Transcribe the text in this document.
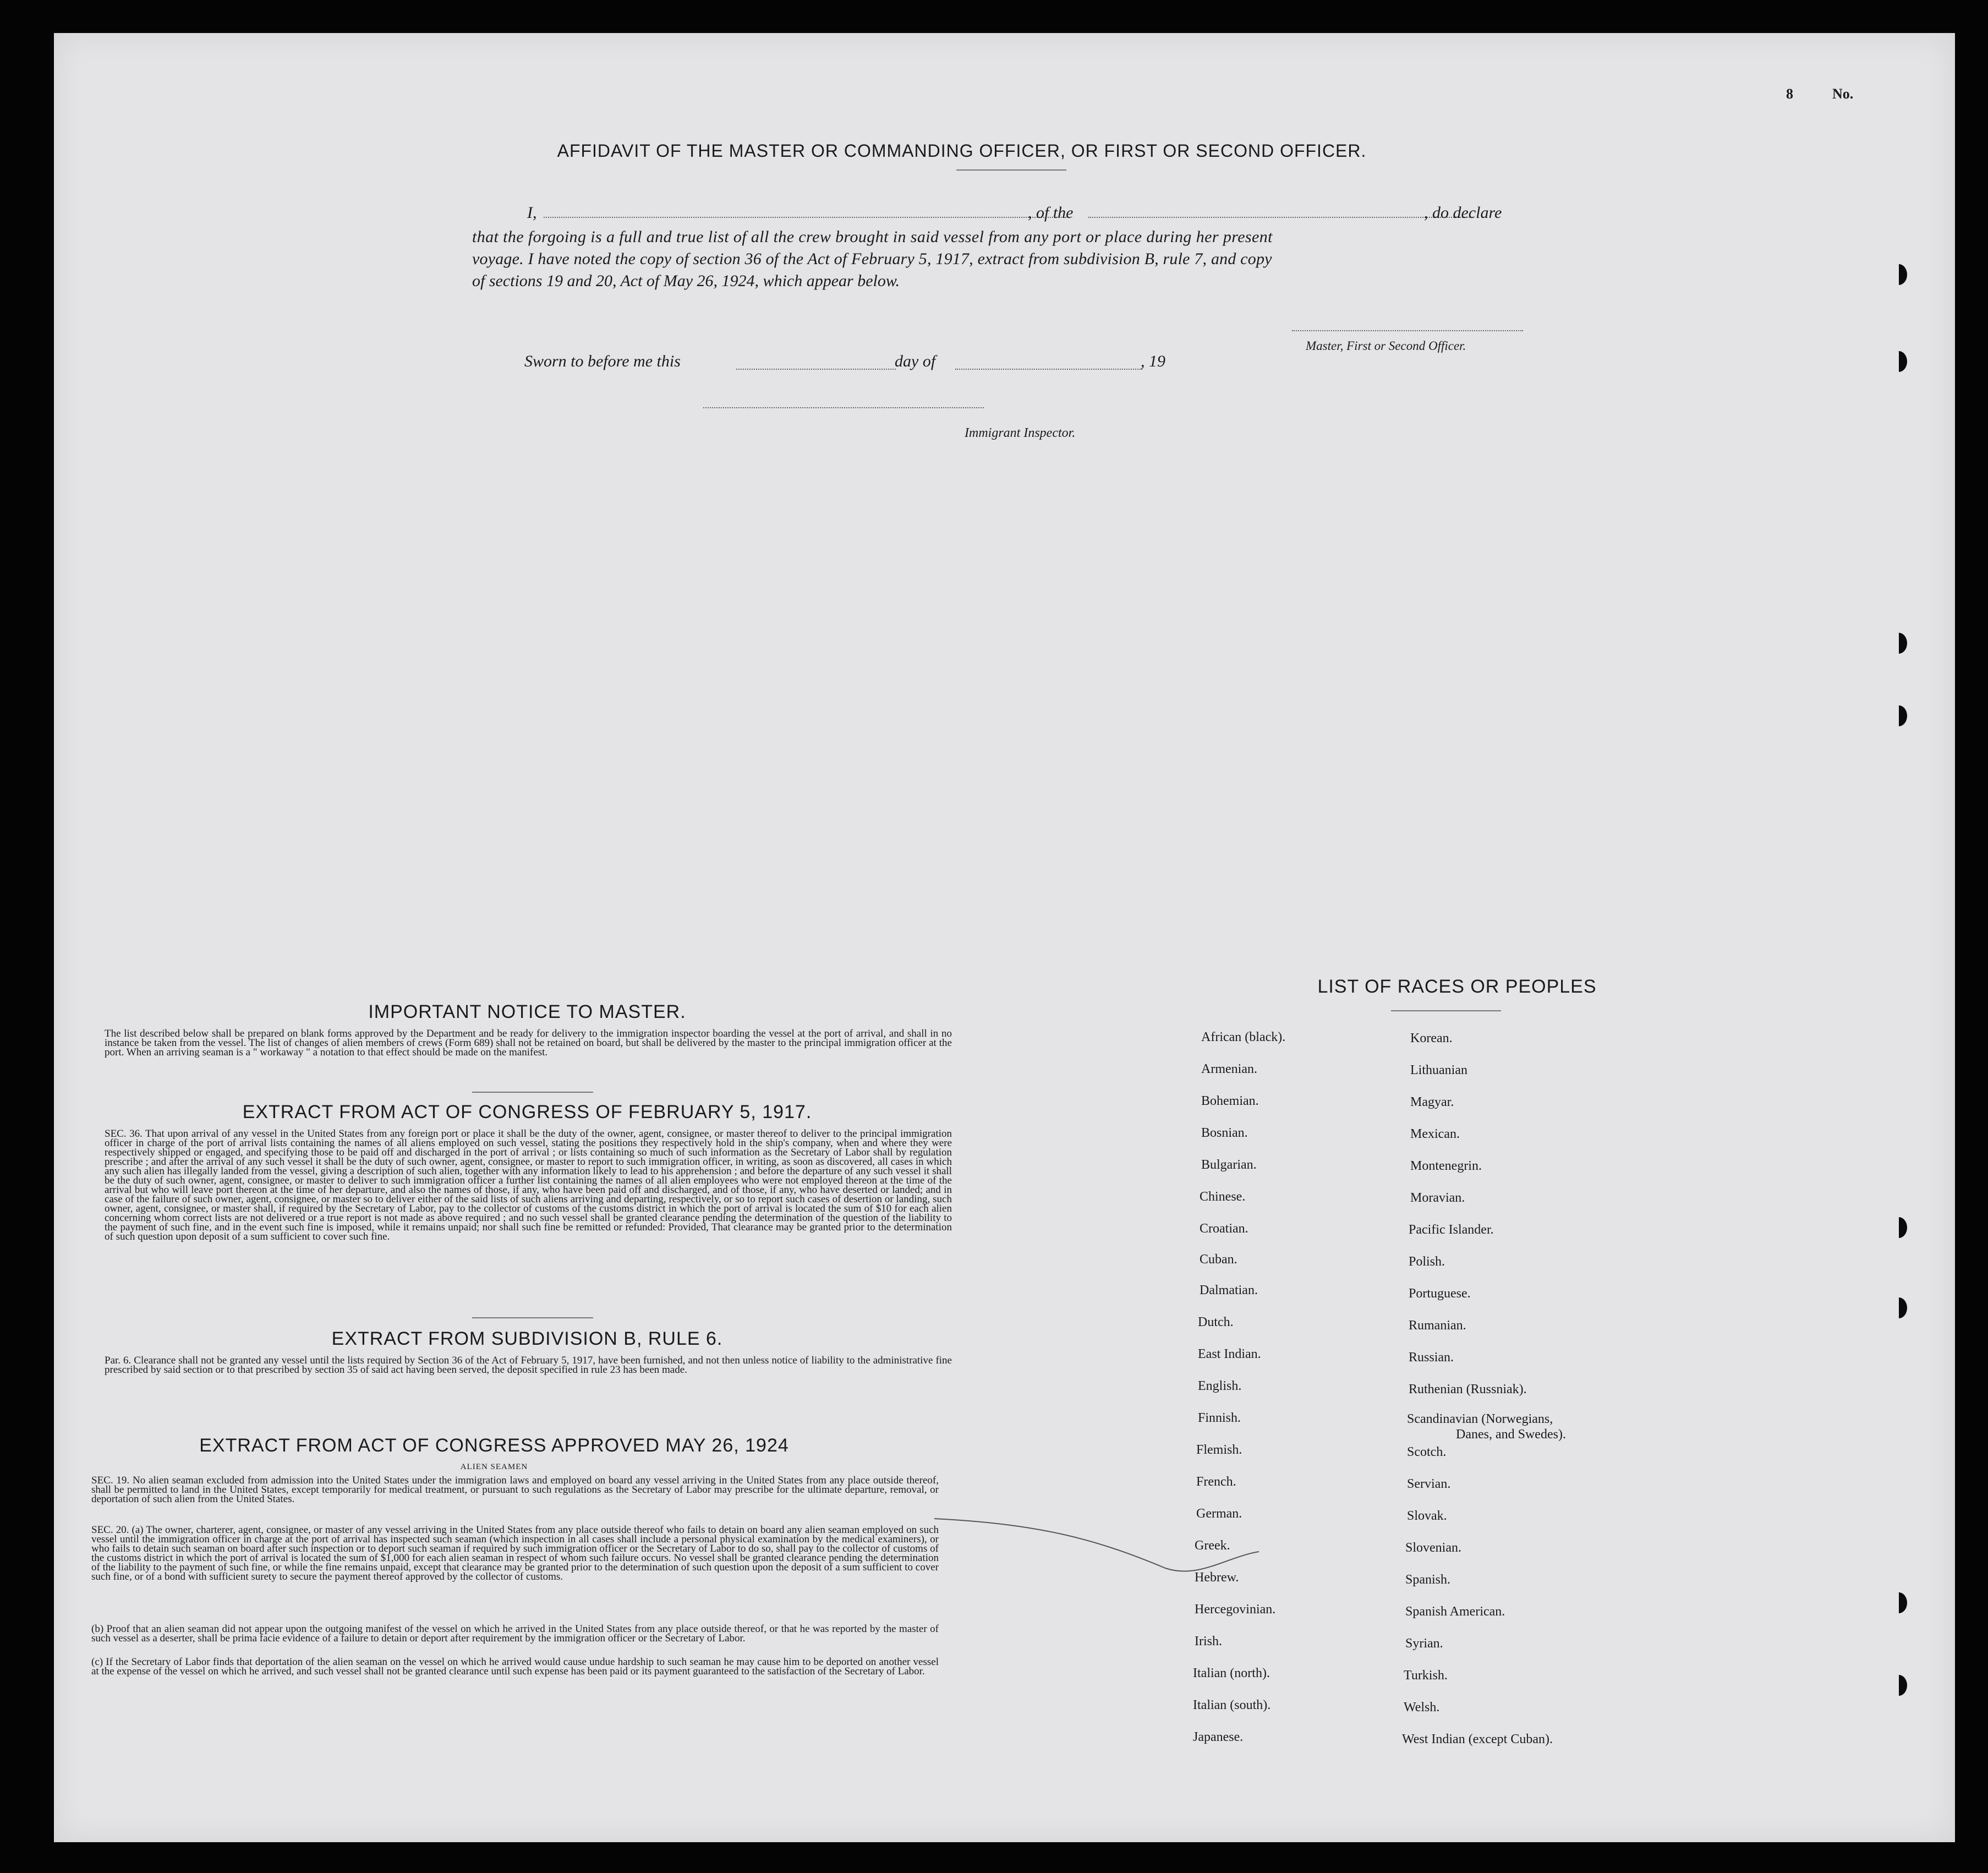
8	No.
AFFIDAVIT OF THE MASTER OR COMMANDING OFFICER, OR FIRST OR SECOND OFFICER.
I,	, of the	, do declare
that the forgoing is a full and true list of all the crew brought in said vessel from any port or place during her present
voyage. I have noted the copy of section 36 of the Act of February 5, 1917, extract from subdivision B, rule 7, and copy
of sections 19 and 20, Act of May 26, 1924, which appear below.
Master, First or Second Officer.
Sworn to before me this	day of	, 19
Immigrant Inspector.
IMPORTANT NOTICE TO MASTER.
The list described below shall be prepared on blank forms approved by the Department and be ready for delivery to the immigration inspector boarding the vessel at the port of arrival, and shall in no instance be taken from the vessel. The list of changes of alien members of crews (Form 689) shall not be retained on board, but shall be delivered by the master to the principal immigration officer at the port. When an arriving seaman is a " workaway " a notation to that effect should be made on the manifest.
EXTRACT FROM ACT OF CONGRESS OF FEBRUARY 5, 1917.
SEC. 36. That upon arrival of any vessel in the United States from any foreign port or place it shall be the duty of the owner, agent, consignee, or master thereof to deliver to the principal immigration officer in charge of the port of arrival lists containing the names of all aliens employed on such vessel, stating the positions they respectively hold in the ship's company, when and where they were respectively shipped or engaged, and specifying those to be paid off and discharged in the port of arrival ; or lists containing so much of such information as the Secretary of Labor shall by regulation prescribe ; and after the arrival of any such vessel it shall be the duty of such owner, agent, consignee, or master to report to such immigration officer, in writing, as soon as discovered, all cases in which any such alien has illegally landed from the vessel, giving a description of such alien, together with any information likely to lead to his apprehension ; and before the departure of any such vessel it shall be the duty of such owner, agent, consignee, or master to deliver to such immigration officer a further list containing the names of all alien employees who were not employed thereon at the time of the arrival but who will leave port thereon at the time of her departure, and also the names of those, if any, who have been paid off and discharged, and of those, if any, who have deserted or landed; and in case of the failure of such owner, agent, consignee, or master so to deliver either of the said lists of such aliens arriving and departing, respectively, or so to report such cases of desertion or landing, such owner, agent, consignee, or master shall, if required by the Secretary of Labor, pay to the collector of customs of the customs district in which the port of arrival is located the sum of $10 for each alien concerning whom correct lists are not delivered or a true report is not made as above required ; and no such vessel shall be granted clearance pending the determination of the question of the liability to the payment of such fine, and in the event such fine is imposed, while it remains unpaid; nor shall such fine be remitted or refunded: Provided, That clearance may be granted prior to the determination of such question upon deposit of a sum sufficient to cover such fine.
EXTRACT FROM SUBDIVISION B, RULE 6.
Par. 6. Clearance shall not be granted any vessel until the lists required by Section 36 of the Act of February 5, 1917, have been furnished, and not then unless notice of liability to the administrative fine prescribed by said section or to that prescribed by section 35 of said act having been served, the deposit specified in rule 23 has been made.
EXTRACT FROM ACT OF CONGRESS APPROVED MAY 26, 1924
ALIEN SEAMEN
SEC. 19. No alien seaman excluded from admission into the United States under the immigration laws and employed on board any vessel arriving in the United States from any place outside thereof, shall be permitted to land in the United States, except temporarily for medical treatment, or pursuant to such regulations as the Secretary of Labor may prescribe for the ultimate departure, removal, or deportation of such alien from the United States.
SEC. 20. (a) The owner, charterer, agent, consignee, or master of any vessel arriving in the United States from any place outside thereof who fails to detain on board any alien seaman employed on such vessel until the immigration officer in charge at the port of arrival has inspected such seaman (which inspection in all cases shall include a personal physical examination by the medical examiners), or who fails to detain such seaman on board after such inspection or to deport such seaman if required by such immigration officer or the Secretary of Labor to do so, shall pay to the collector of customs of the customs district in which the port of arrival is located the sum of $1,000 for each alien seaman in respect of whom such failure occurs. No vessel shall be granted clearance pending the determination of the liability to the payment of such fine, or while the fine remains unpaid, except that clearance may be granted prior to the determination of such question upon the deposit of a sum sufficient to cover such fine, or of a bond with sufficient surety to secure the payment thereof approved by the collector of customs.
(b) Proof that an alien seaman did not appear upon the outgoing manifest of the vessel on which he arrived in the United States from any place outside thereof, or that he was reported by the master of such vessel as a deserter, shall be prima facie evidence of a failure to detain or deport after requirement by the immigration officer or the Secretary of Labor.
(c) If the Secretary of Labor finds that deportation of the alien seaman on the vessel on which he arrived would cause undue hardship to such seaman he may cause him to be deported on another vessel at the expense of the vessel on which he arrived, and such vessel shall not be granted clearance until such expense has been paid or its payment guaranteed to the satisfaction of the Secretary of Labor.
LIST OF RACES OR PEOPLES
African (black).
Armenian.
Bohemian.
Bosnian.
Bulgarian.
Chinese.
Croatian.
Cuban.
Dalmatian.
Dutch.
East Indian.
English.
Finnish.
Flemish.
French.
German.
Greek.
Hebrew.
Hercegovinian.
Irish.
Italian (north).
Italian (south).
Japanese.
Korean.
Lithuanian
Magyar.
Mexican.
Montenegrin.
Moravian.
Pacific Islander.
Polish.
Portuguese.
Rumanian.
Russian.
Ruthenian (Russniak).
Scandinavian (Norwegians,
Danes, and Swedes).
Scotch.
Servian.
Slovak.
Slovenian.
Spanish.
Spanish American.
Syrian.
Turkish.
Welsh.
West Indian (except Cuban).
